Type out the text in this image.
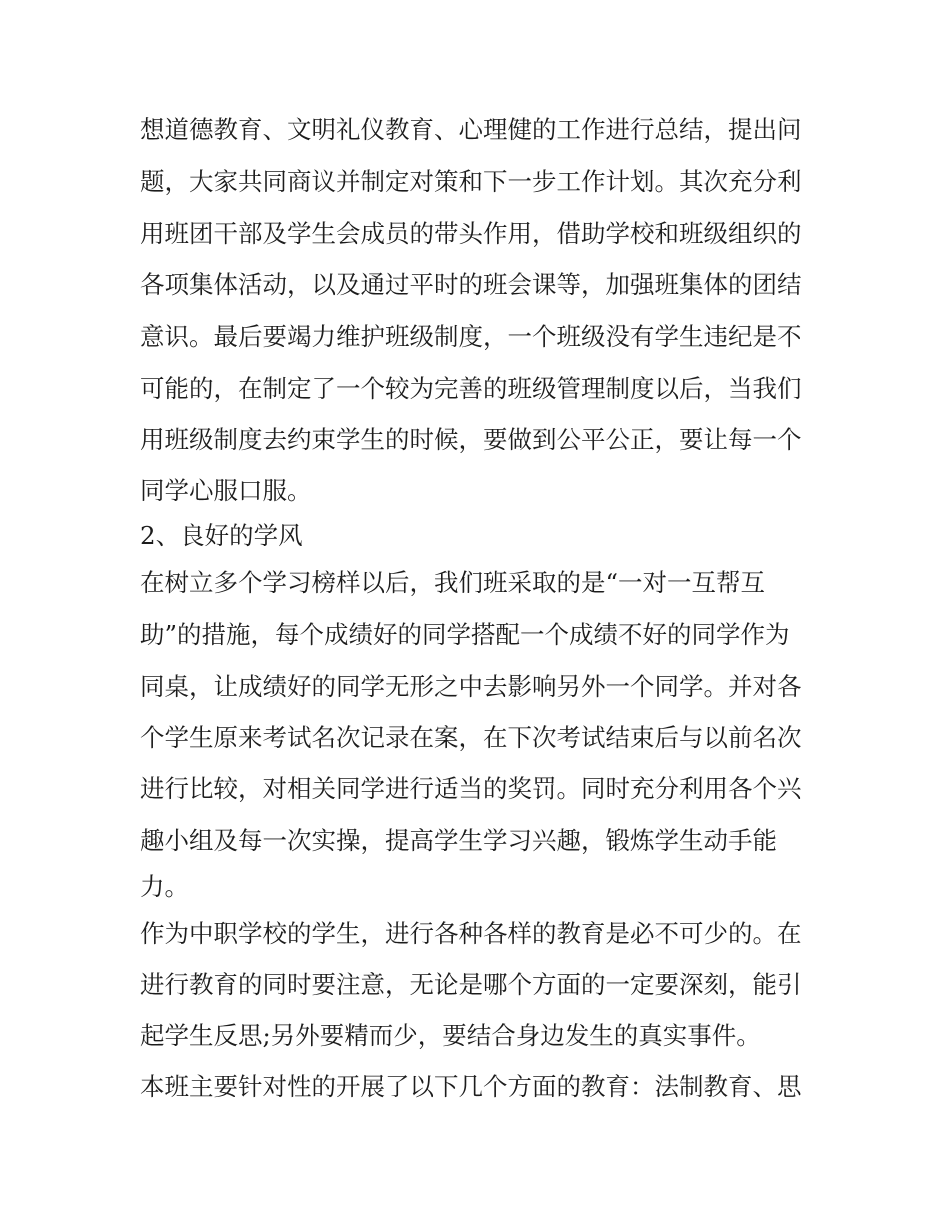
想道德教育、文明礼仪教育、心理健的工作进行总结，提出问
题，大家共同商议并制定对策和下一步工作计划。其次充分利
用班团干部及学生会成员的带头作用，借助学校和班级组织的
各项集体活动，以及通过平时的班会课等，加强班集体的团结
意识。最后要竭力维护班级制度，一个班级没有学生违纪是不
可能的，在制定了一个较为完善的班级管理制度以后，当我们
用班级制度去约束学生的时候，要做到公平公正，要让每一个
同学心服口服。
2、良好的学风
在树立多个学习榜样以后，我们班采取的是“一对一互帮互
助”的措施，每个成绩好的同学搭配一个成绩不好的同学作为
同桌，让成绩好的同学无形之中去影响另外一个同学。并对各
个学生原来考试名次记录在案，在下次考试结束后与以前名次
进行比较，对相关同学进行适当的奖罚。同时充分利用各个兴
趣小组及每一次实操，提高学生学习兴趣，锻炼学生动手能
力。
作为中职学校的学生，进行各种各样的教育是必不可少的。在
进行教育的同时要注意，无论是哪个方面的一定要深刻，能引
起学生反思;另外要精而少，要结合身边发生的真实事件。
本班主要针对性的开展了以下几个方面的教育：法制教育、思
